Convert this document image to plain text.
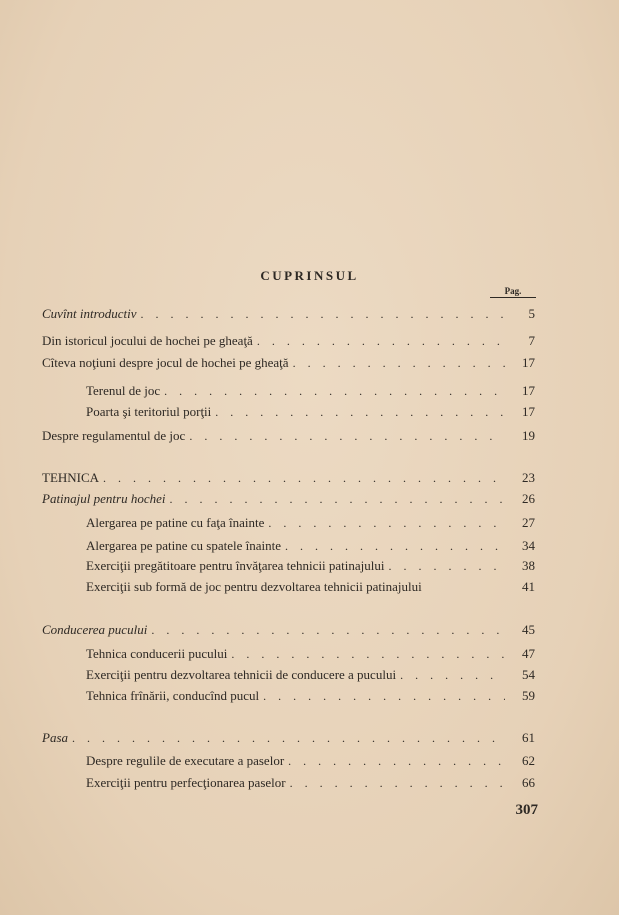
CUPRINSUL
Pag.
Cuvînt introductiv . . .	5
Din istoricul jocului de hochei pe gheaţă . . .	7
Cîteva noţiuni despre jocul de hochei pe gheaţă . . .	17
Terenul de joc . . .	17
Poarta şi teritoriul porţii . . .	17
Despre regulamentul de joc . . .	19
TEHNICA . . .	23
Patinajul pentru hochei . . .	26
Alergarea pe patine cu faţa înainte . . .	27
Alergarea pe patine cu spatele înainte . . .	34
Exerciţii pregătitoare pentru învăţarea tehnicii patinajului . . .	38
Exerciţii sub formă de joc pentru dezvoltarea tehnicii patinajului	41
Conducerea pucului . . .	45
Tehnica conducerii pucului . . .	47
Exerciţii pentru dezvoltarea tehnicii de conducere a pucului . . .	54
Tehnica frînării, conducînd pucul . . .	59
Pasa . . .	61
Despre regulile de executare a paselor . . .	62
Exerciţii pentru perfecţionarea paselor . . .	66
307
